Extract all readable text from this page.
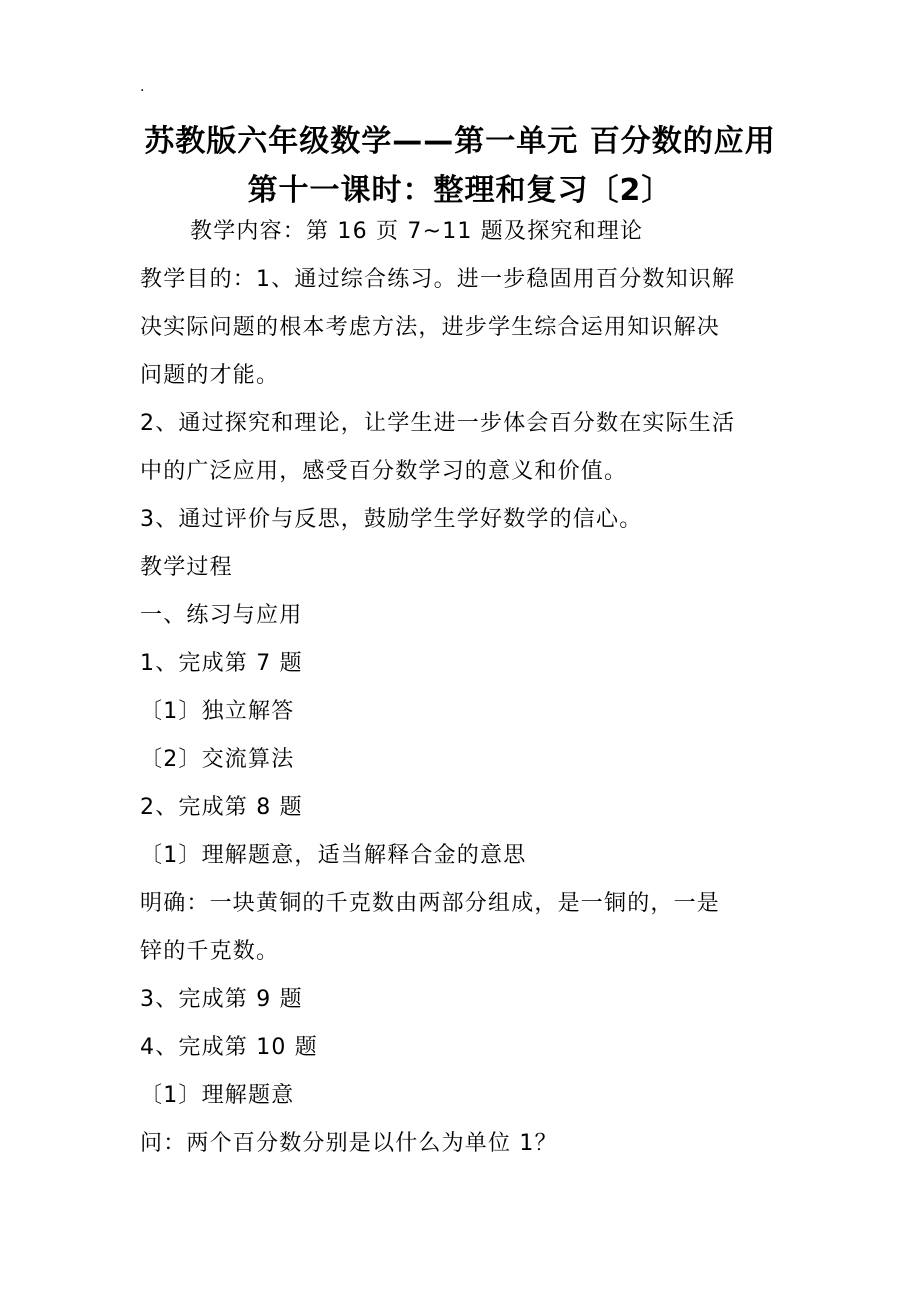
.
苏教版六年级数学——第一单元 百分数的应用
第十一课时：整理和复习〔2〕
教学内容：第 16 页 7~11 题及探究和理论
教学目的：1、通过综合练习。进一步稳固用百分数知识解
决实际问题的根本考虑方法，进步学生综合运用知识解决
问题的才能。
2、通过探究和理论，让学生进一步体会百分数在实际生活
中的广泛应用，感受百分数学习的意义和价值。
3、通过评价与反思，鼓励学生学好数学的信心。
教学过程
一、练习与应用
1、完成第 7 题
〔1〕独立解答
〔2〕交流算法
2、完成第 8 题
〔1〕理解题意，适当解释合金的意思
明确：一块黄铜的千克数由两部分组成，是一铜的，一是
锌的千克数。
3、完成第 9 题
4、完成第 10 题
〔1〕理解题意
问：两个百分数分别是以什么为单位 1？
